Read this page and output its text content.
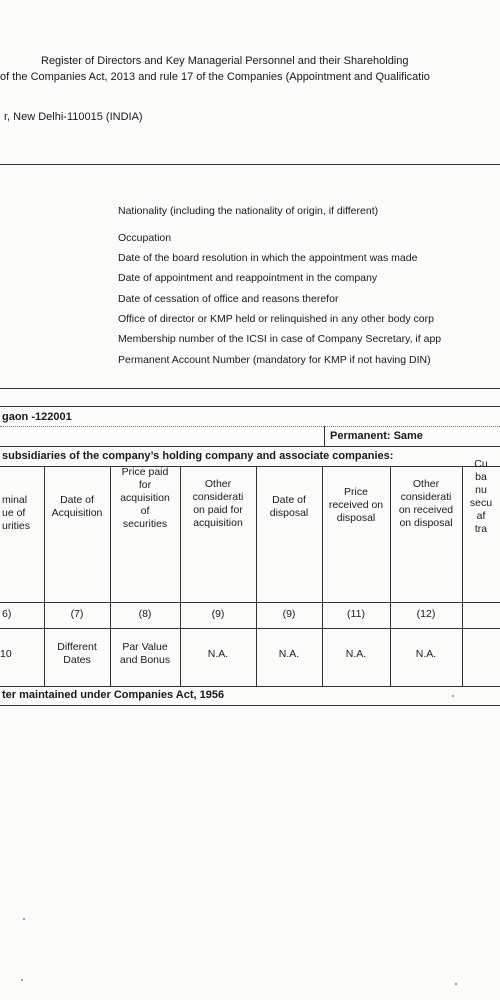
Register of Directors and Key Managerial Personnel and their Shareholding
of the Companies Act, 2013 and rule 17 of the Companies (Appointment and Qualificatio
r, New Delhi-110015 (INDIA)
Nationality (including the nationality of origin, if different)
Occupation
Date of the board resolution in which the appointment was made
Date of appointment and reappointment in the company
Date of cessation of office and reasons therefor
Office of director or KMP held or relinquished in any other body corp
Membership number of the ICSI in case of Company Secretary, if app
Permanent Account Number (mandatory for KMP if not having DIN)
gaon -122001
Permanent: Same
subsidiaries of the company’s holding company and associate companies:
ter maintained under Companies Act, 1956
minal
ue of
urities
6)
10
Date of
Acquisition
(7)
Different
Dates
Price paid
for
acquisition
of
securities
(8)
Par Value
and Bonus
Other
considerati
on paid for
acquisition
(9)
N.A.
Date of
disposal
(9)
N.A.
Price
received on
disposal
(11)
N.A.
Other
considerati
on received
on disposal
(12)
N.A.
Cu
ba
nu
secu
af
tra
